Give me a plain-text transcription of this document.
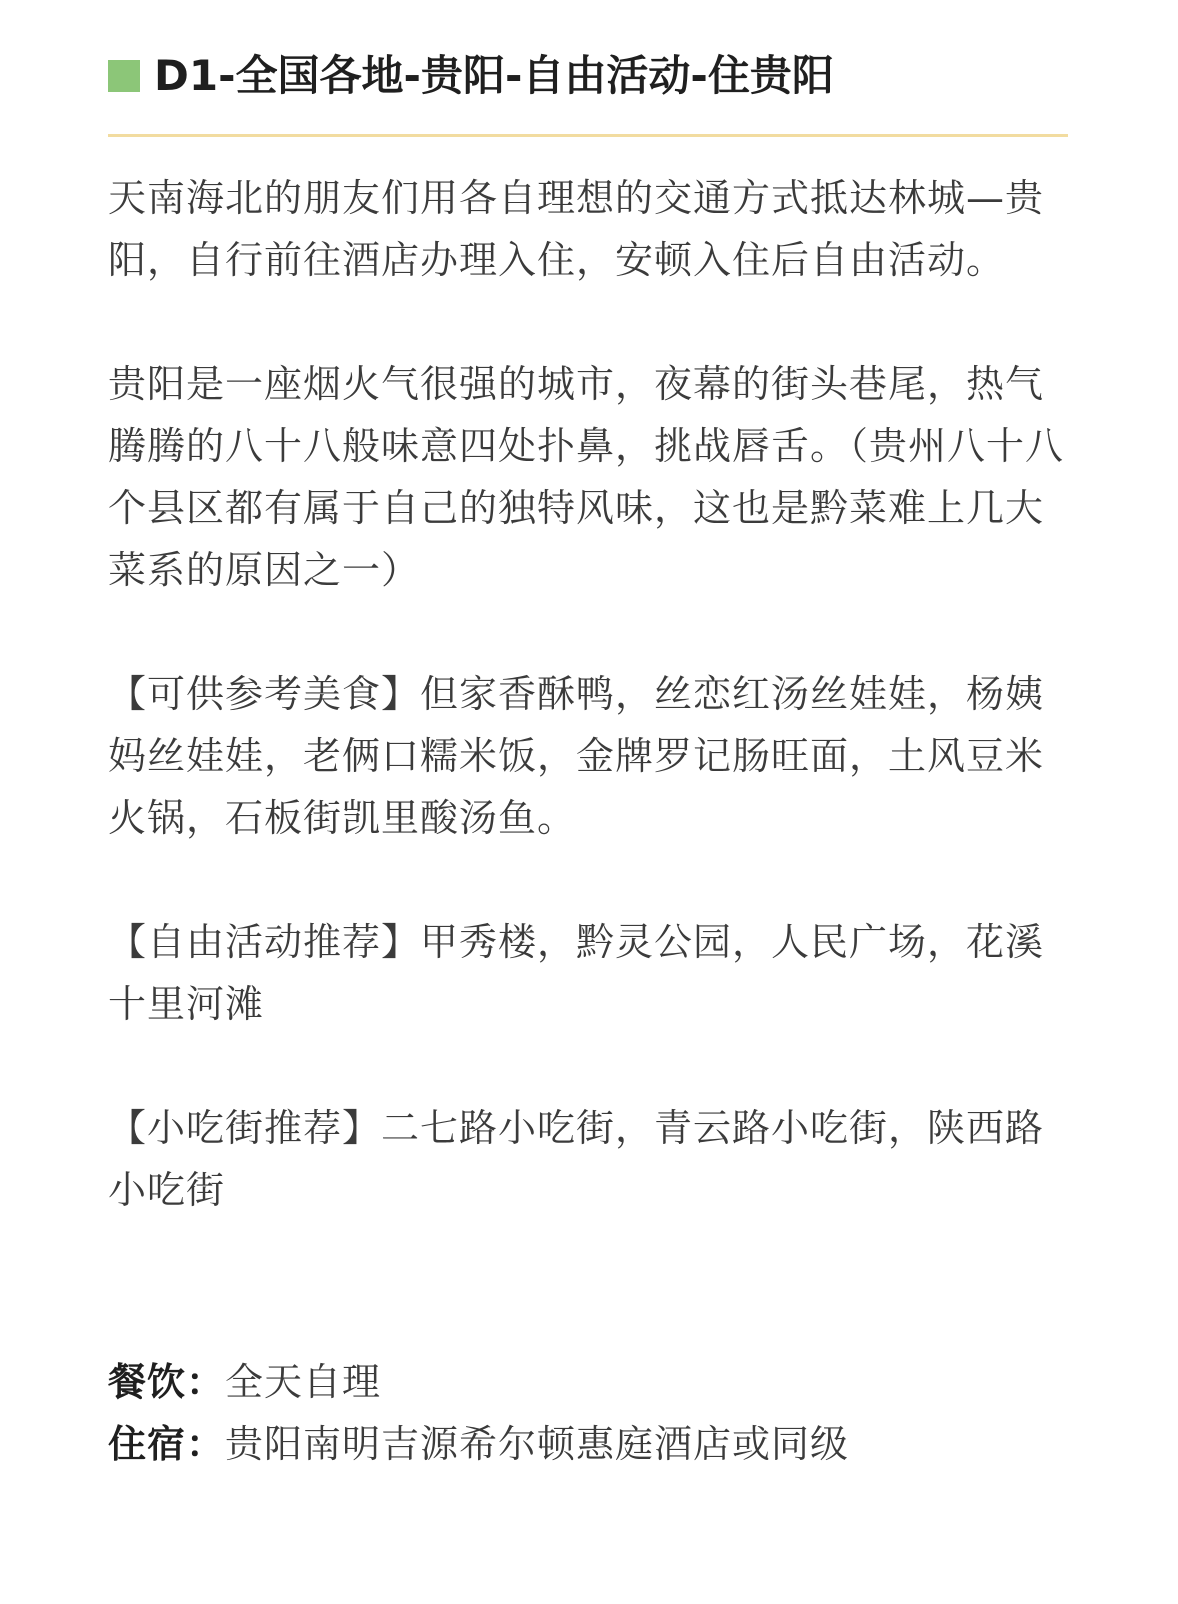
D1-全国各地-贵阳-自由活动-住贵阳

天南海北的朋友们用各自理想的交通方式抵达林城—贵阳，自行前往酒店办理入住，安顿入住后自由活动。

贵阳是一座烟火气很强的城市，夜幕的街头巷尾，热气腾腾的八十八般味意四处扑鼻，挑战唇舌。（贵州八十八个县区都有属于自己的独特风味，这也是黔菜难上几大菜系的原因之一）

【可供参考美食】但家香酥鸭，丝恋红汤丝娃娃，杨姨妈丝娃娃，老俩口糯米饭，金牌罗记肠旺面，土风豆米火锅，石板街凯里酸汤鱼。

【自由活动推荐】甲秀楼，黔灵公园，人民广场，花溪十里河滩

【小吃街推荐】二七路小吃街，青云路小吃街，陕西路小吃街

餐饮：全天自理
住宿：贵阳南明吉源希尔顿惠庭酒店或同级
